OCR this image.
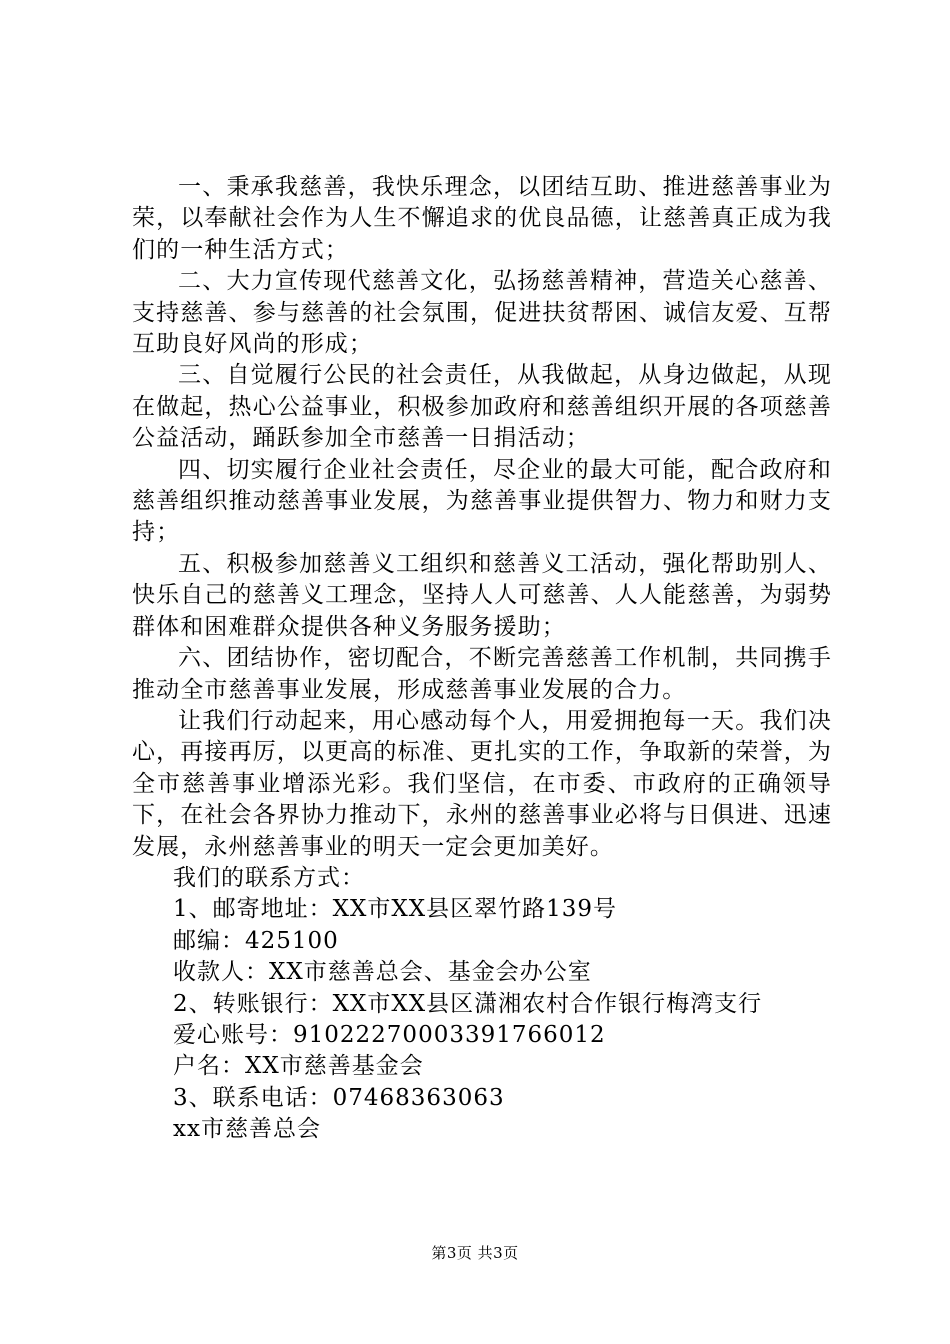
一、秉承我慈善，我快乐理念，以团结互助、推进慈善事业为荣，以奉献社会作为人生不懈追求的优良品德，让慈善真正成为我们的一种生活方式；

二、大力宣传现代慈善文化，弘扬慈善精神，营造关心慈善、支持慈善、参与慈善的社会氛围，促进扶贫帮困、诚信友爱、互帮互助良好风尚的形成；

三、自觉履行公民的社会责任，从我做起，从身边做起，从现在做起，热心公益事业，积极参加政府和慈善组织开展的各项慈善公益活动，踊跃参加全市慈善一日捐活动；

四、切实履行企业社会责任，尽企业的最大可能，配合政府和慈善组织推动慈善事业发展，为慈善事业提供智力、物力和财力支持；

五、积极参加慈善义工组织和慈善义工活动，强化帮助别人、快乐自己的慈善义工理念，坚持人人可慈善、人人能慈善，为弱势群体和困难群众提供各种义务服务援助；

六、团结协作，密切配合，不断完善慈善工作机制，共同携手推动全市慈善事业发展，形成慈善事业发展的合力。

让我们行动起来，用心感动每个人，用爱拥抱每一天。我们决心，再接再厉，以更高的标准、更扎实的工作，争取新的荣誉，为全市慈善事业增添光彩。我们坚信，在市委、市政府的正确领导下，在社会各界协力推动下，永州的慈善事业必将与日俱进、迅速发展，永州慈善事业的明天一定会更加美好。

我们的联系方式：

1、邮寄地址：XX市XX县区翠竹路139号

邮编：425100

收款人：XX市慈善总会、基金会办公室

2、转账银行：XX市XX县区潇湘农村合作银行梅湾支行

爱心账号：91022270003391766012

户名：XX市慈善基金会

3、联系电话：07468363063

xx市慈善总会

第3页 共3页
